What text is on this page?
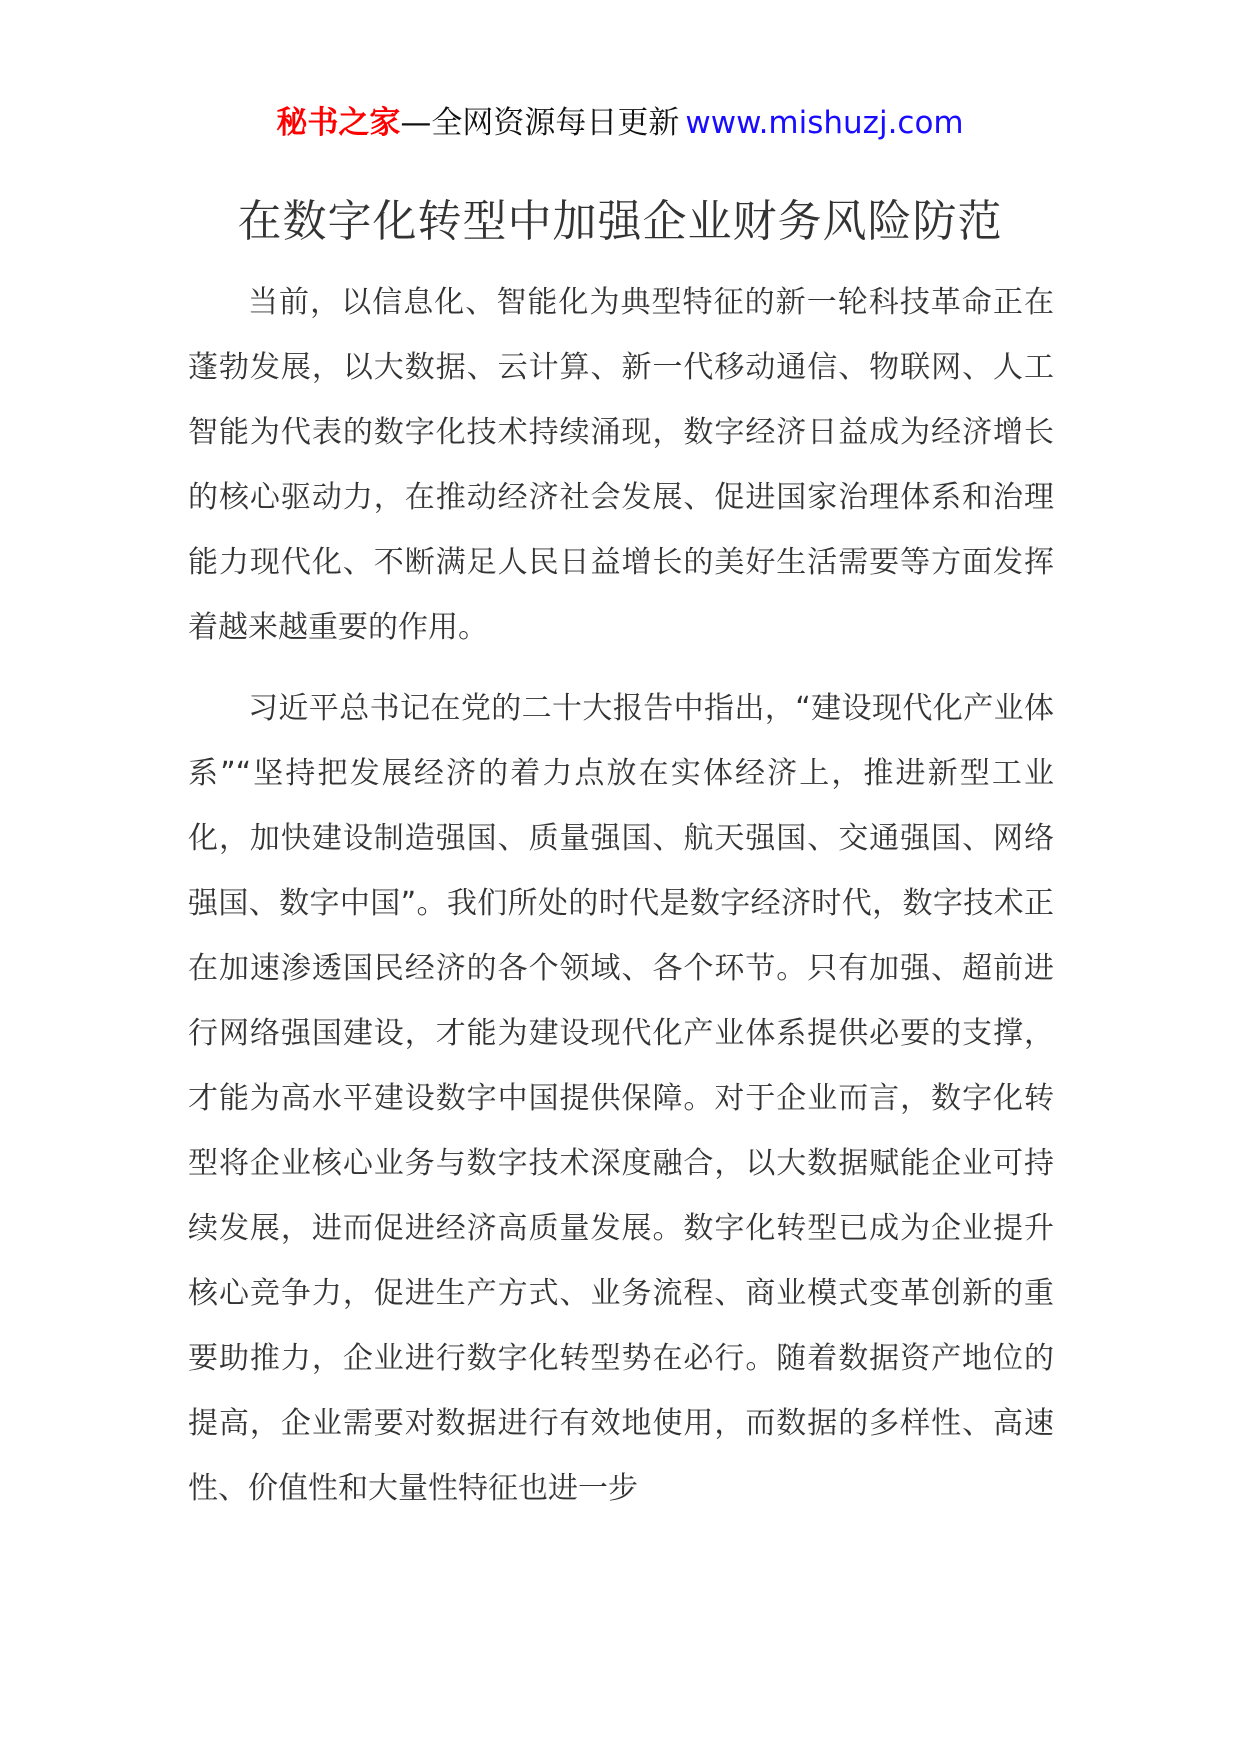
秘书之家—全网资源每日更新 www.mishuzj.com
在数字化转型中加强企业财务风险防范

当前，以信息化、智能化为典型特征的新一轮科技革命正在蓬勃发展，以大数据、云计算、新一代移动通信、物联网、人工智能为代表的数字化技术持续涌现，数字经济日益成为经济增长的核心驱动力，在推动经济社会发展、促进国家治理体系和治理能力现代化、不断满足人民日益增长的美好生活需要等方面发挥着越来越重要的作用。

习近平总书记在党的二十大报告中指出，“建设现代化产业体系”“坚持把发展经济的着力点放在实体经济上，推进新型工业化，加快建设制造强国、质量强国、航天强国、交通强国、网络强国、数字中国”。我们所处的时代是数字经济时代，数字技术正在加速渗透国民经济的各个领域、各个环节。只有加强、超前进行网络强国建设，才能为建设现代化产业体系提供必要的支撑，才能为高水平建设数字中国提供保障。对于企业而言，数字化转型将企业核心业务与数字技术深度融合，以大数据赋能企业可持续发展，进而促进经济高质量发展。数字化转型已成为企业提升核心竞争力，促进生产方式、业务流程、商业模式变革创新的重要助推力，企业进行数字化转型势在必行。随着数据资产地位的提高，企业需要对数据进行有效地使用，而数据的多样性、高速性、价值性和大量性特征也进一步
